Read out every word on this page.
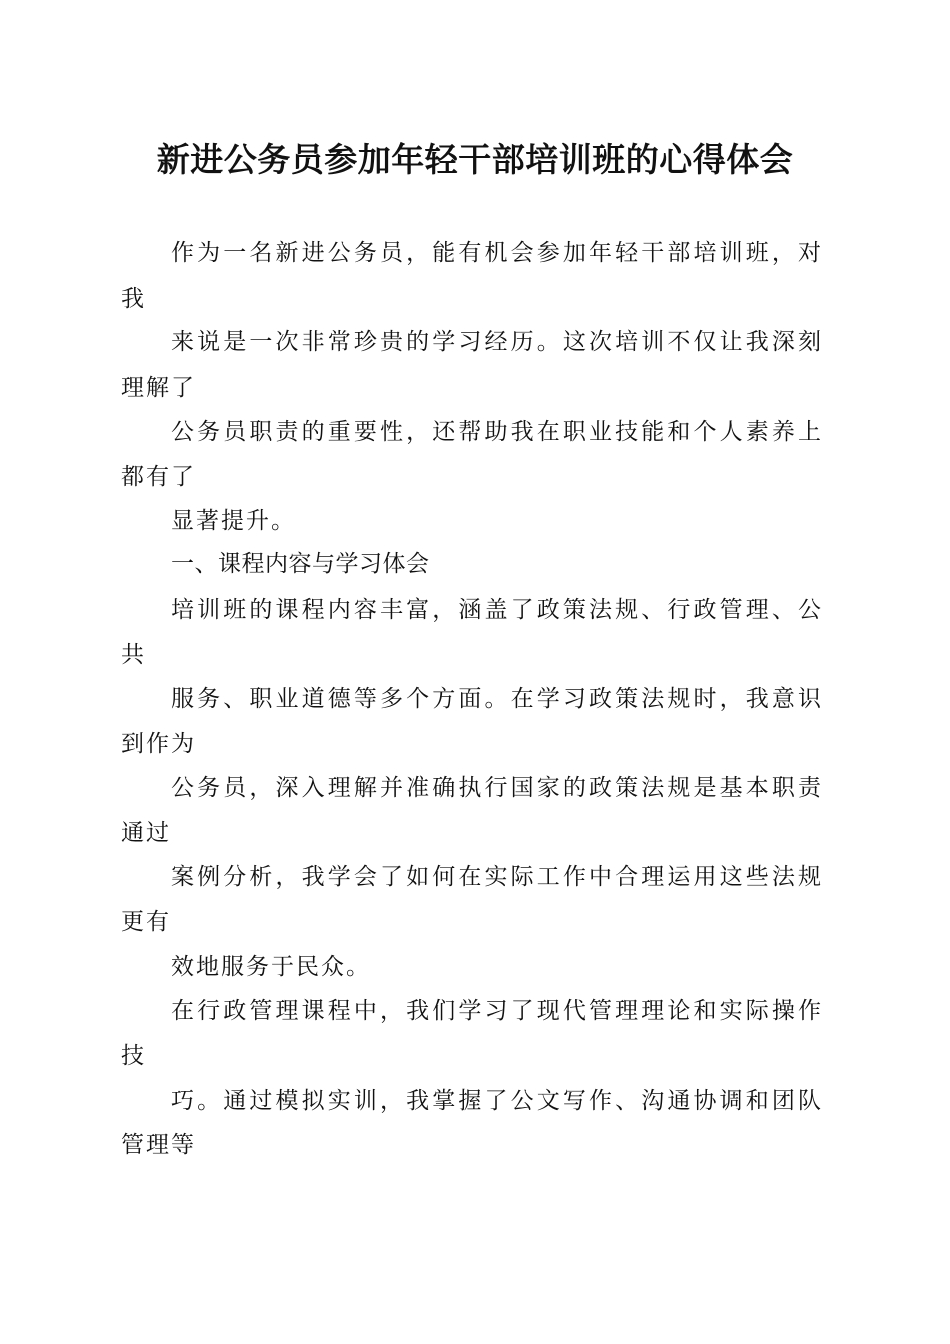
新进公务员参加年轻干部培训班的心得体会
作为一名新进公务员，能有机会参加年轻干部培训班，对
我
来说是一次非常珍贵的学习经历。这次培训不仅让我深刻
理解了
公务员职责的重要性，还帮助我在职业技能和个人素养上
都有了
显著提升。
一、课程内容与学习体会
培训班的课程内容丰富，涵盖了政策法规、行政管理、公
共
服务、职业道德等多个方面。在学习政策法规时，我意识
到作为
公务员，深入理解并准确执行国家的政策法规是基本职责
通过
案例分析，我学会了如何在实际工作中合理运用这些法规
更有
效地服务于民众。
在行政管理课程中，我们学习了现代管理理论和实际操作
技
巧。通过模拟实训，我掌握了公文写作、沟通协调和团队
管理等
